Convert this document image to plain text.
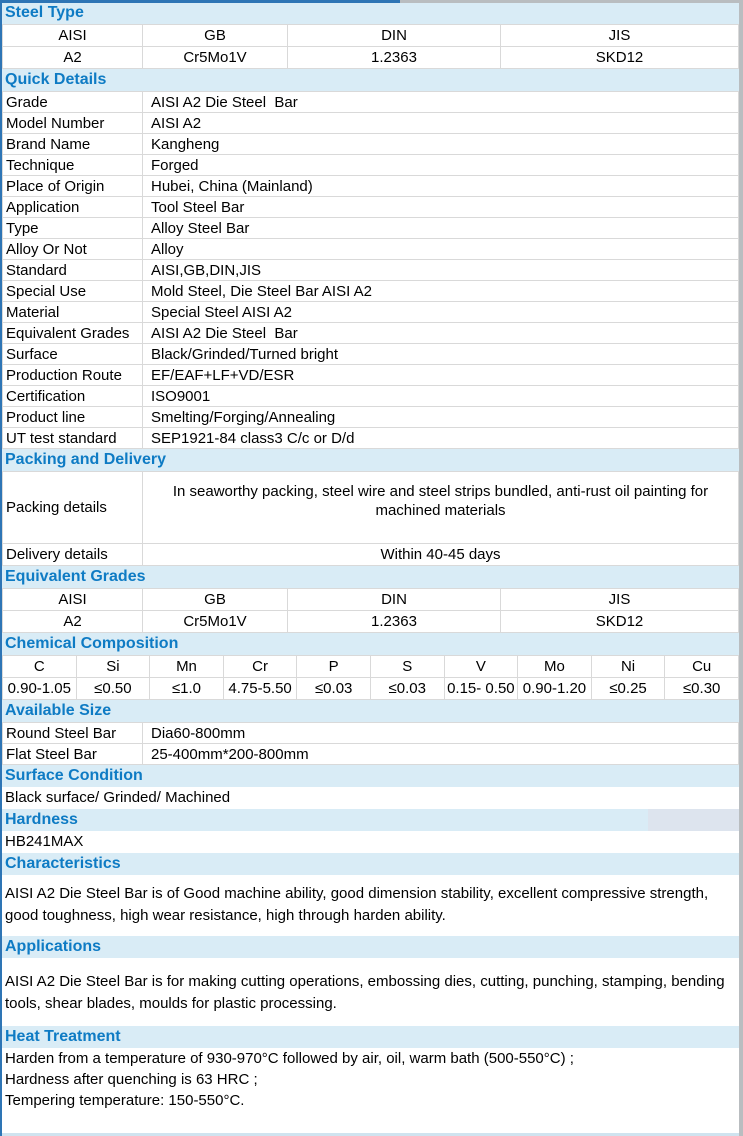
Steel Type
AISI	GB	DIN	JIS
A2	Cr5Mo1V	1.2363	SKD12
Quick Details
Grade	AISI A2 Die Steel  Bar
Model Number	AISI A2
Brand Name	Kangheng
Technique	Forged
Place of Origin	Hubei, China (Mainland)
Application	Tool Steel Bar
Type	Alloy Steel Bar
Alloy Or Not	Alloy
Standard	AISI,GB,DIN,JIS
Special Use	Mold Steel, Die Steel Bar AISI A2
Material	Special Steel AISI A2
Equivalent Grades	AISI A2 Die Steel  Bar
Surface	Black/Grinded/Turned bright
Production Route	EF/EAF+LF+VD/ESR
Certification	ISO9001
Product line	Smelting/Forging/Annealing
UT test standard	SEP1921-84 class3 C/c or D/d
Packing and Delivery
Packing details	In seaworthy packing, steel wire and steel strips bundled, anti-rust oil painting for machined materials
Delivery details	Within 40-45 days
Equivalent Grades
AISI	GB	DIN	JIS
A2	Cr5Mo1V	1.2363	SKD12
Chemical Composition
C	Si	Mn	Cr	P	S	V	Mo	Ni	Cu
0.90-1.05	≤0.50	≤1.0	4.75-5.50	≤0.03	≤0.03	0.15- 0.50	0.90-1.20	≤0.25	≤0.30
Available Size
Round Steel Bar	Dia60-800mm
Flat Steel Bar	25-400mm*200-800mm
Surface Condition
Black surface/ Grinded/ Machined
Hardness
HB241MAX
Characteristics
AISI A2 Die Steel Bar is of Good machine ability, good dimension stability, excellent compressive strength, good toughness, high wear resistance, high through harden ability.
Applications
AISI A2 Die Steel Bar is for making cutting operations, embossing dies, cutting, punching, stamping, bending tools, shear blades, moulds for plastic processing.
Heat Treatment
Harden from a temperature of 930-970°C followed by air, oil, warm bath (500-550°C) ;
Hardness after quenching is 63 HRC ;
Tempering temperature: 150-550°C.
